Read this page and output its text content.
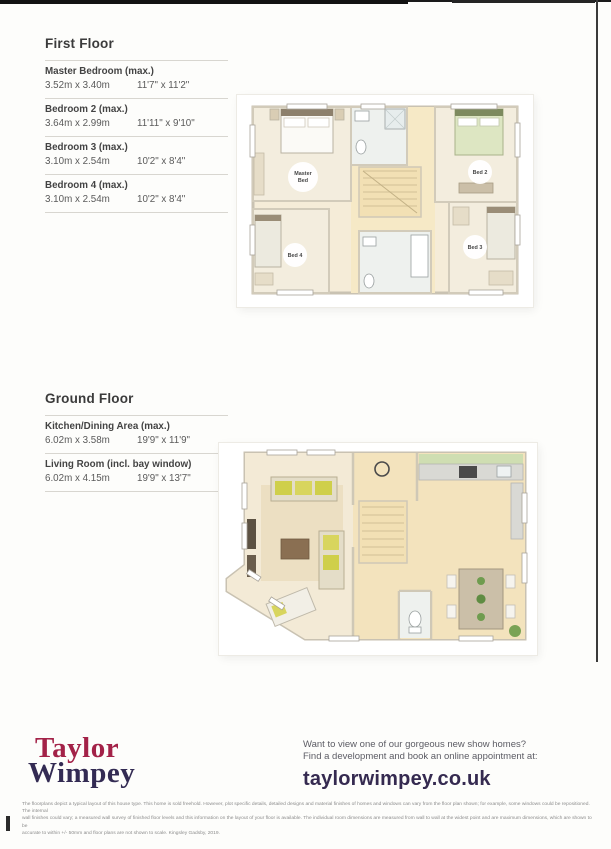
First Floor
Master Bedroom (max.)
3.52m x 3.40m	11'7" x 11'2"
Bedroom 2 (max.)
3.64m x 2.99m	11'11" x 9'10"
Bedroom 3 (max.)
3.10m x 2.54m	10'2" x 8'4"
Bedroom 4 (max.)
3.10m x 2.54m	10'2" x 8'4"
Master
Bed
Bed 2
Bed 4
Bed 3
Ground Floor
Kitchen/Dining Area (max.)
6.02m x 3.58m	19'9" x 11'9"
Living Room (incl. bay window)
6.02m x 4.15m	19'9" x 13'7"
Taylor
Wimpey
Want to view one of our gorgeous new show homes?
Find a development and book an online appointment at:
taylorwimpey.co.uk
The floorplans depict a typical layout of this house type. This home is sold freehold. However, plot specific details, detailed designs and material finishes of homes and windows can vary from the floor plan shown; for example, some windows could be repositioned. The internal
wall finishes could vary; a measured wall survey of finished floor levels and this information on the layout of your floor is available. The individual room dimensions are measured from wall to wall at the widest point and are maximum dimensions, which are shown to be
accurate to within +/- 50mm and floor plans are not shown to scale. Kingsley Gadsby, 2019.
